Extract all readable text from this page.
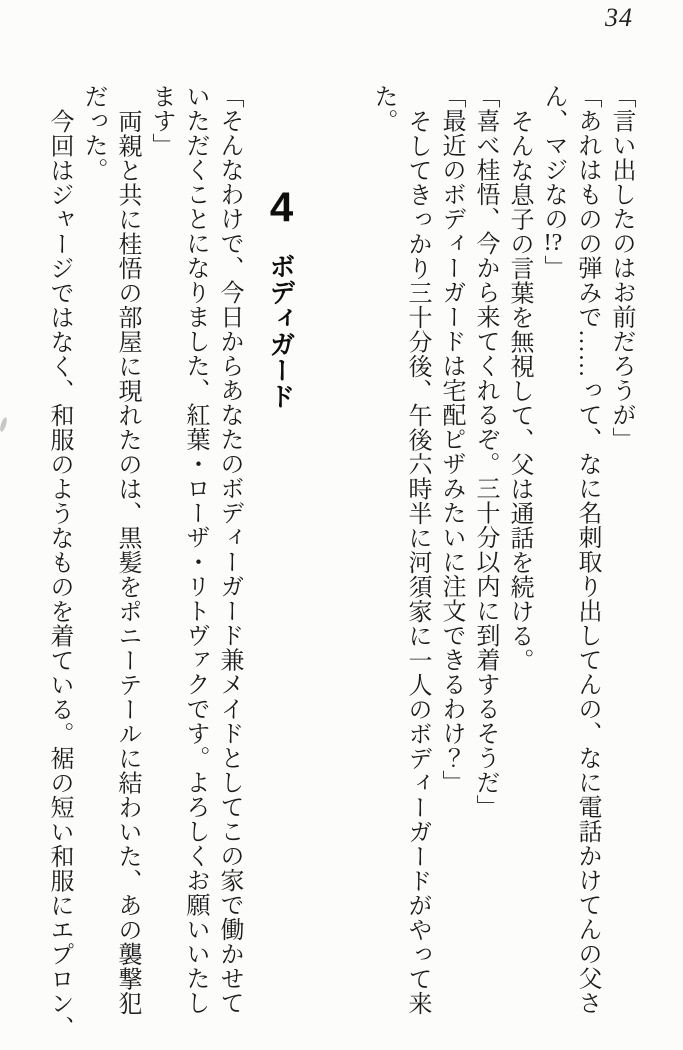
34
「言い出したのはお前だろうが」
「あれはものの弾みで……って、なに名刺取り出してんの、なに電話かけてんの父さ
ん、マジなの!?」
そんな息子の言葉を無視して、父は通話を続ける。
「喜べ桂悟、今から来てくれるぞ。三十分以内に到着するそうだ」
「最近のボディーガードは宅配ピザみたいに注文できるわけ？」
そしてきっかり三十分後、午後六時半に河須家に一人のボディーガードがやって来
た。
4 ボディガード
「そんなわけで、今日からあなたのボディーガード兼メイドとしてこの家で働かせて
いただくことになりました、紅葉・ローザ・リトヴァクです。よろしくお願いいたし
ます」
両親と共に桂悟の部屋に現れたのは、黒髪をポニーテールに結わいた、あの襲撃犯
だった。
今回はジャージではなく、和服のようなものを着ている。裾の短い和服にエプロン、
